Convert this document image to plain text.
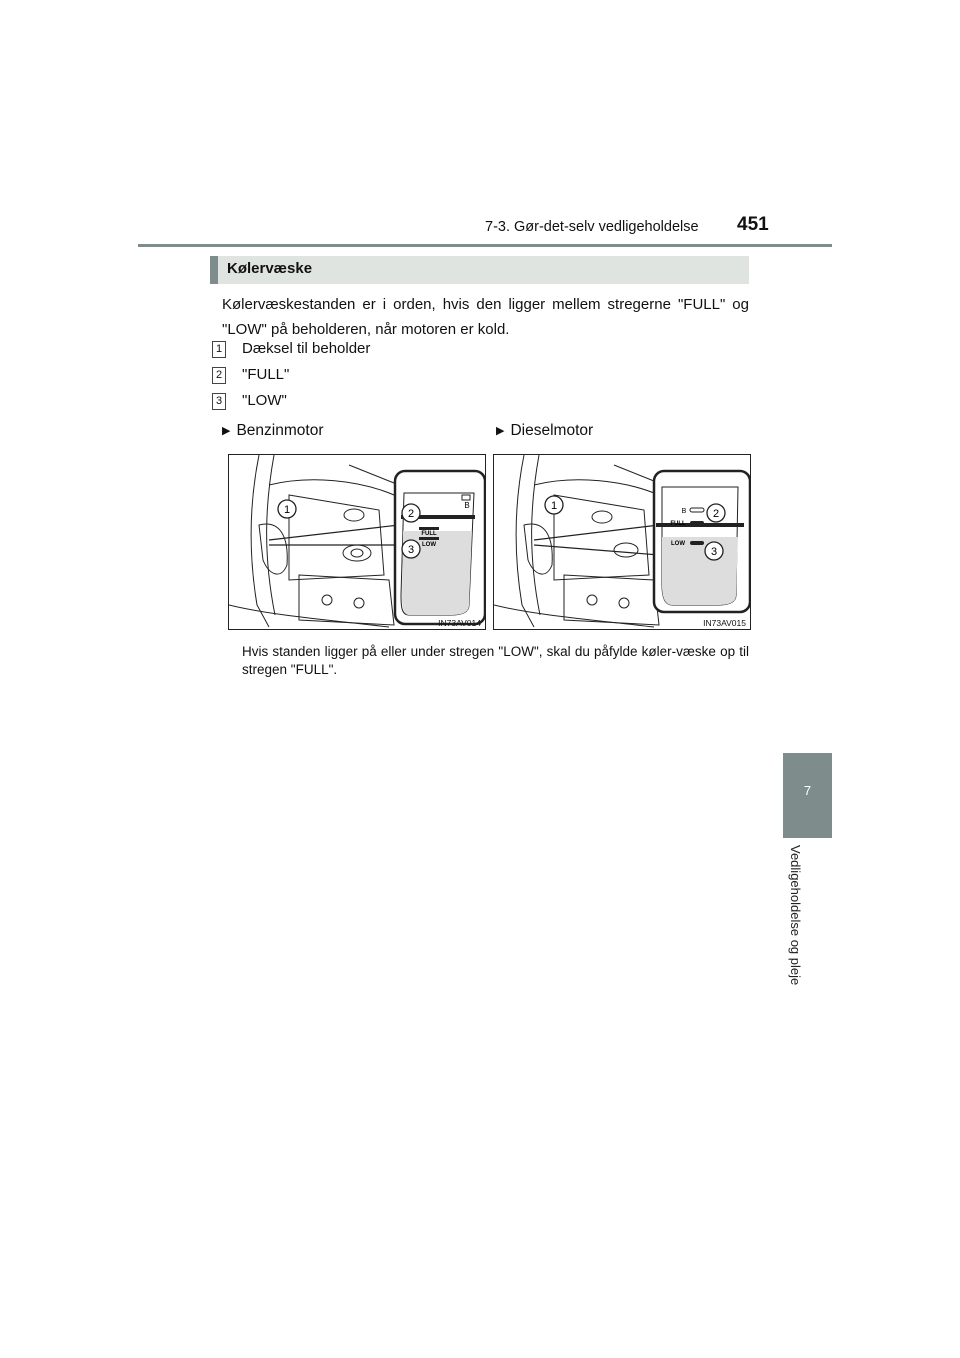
7-3. Gør-det-selv vedligeholdelse 451
7
Vedligeholdelse og pleje
Kølervæske
Kølervæskestanden er i orden, hvis den ligger mellem stregerne "FULL" og "LOW" på beholderen, når motoren er kold.
1 Dæksel til beholder
2 "FULL"
3 "LOW"
▶ Benzinmotor	▶ Dieselmotor
B
FULL
LOW
2
3
1
IN73AV014
B
FULL
LOW
2
3
1
IN73AV015
Hvis standen ligger på eller under stregen "LOW", skal du påfylde køler-væske op til stregen "FULL".
